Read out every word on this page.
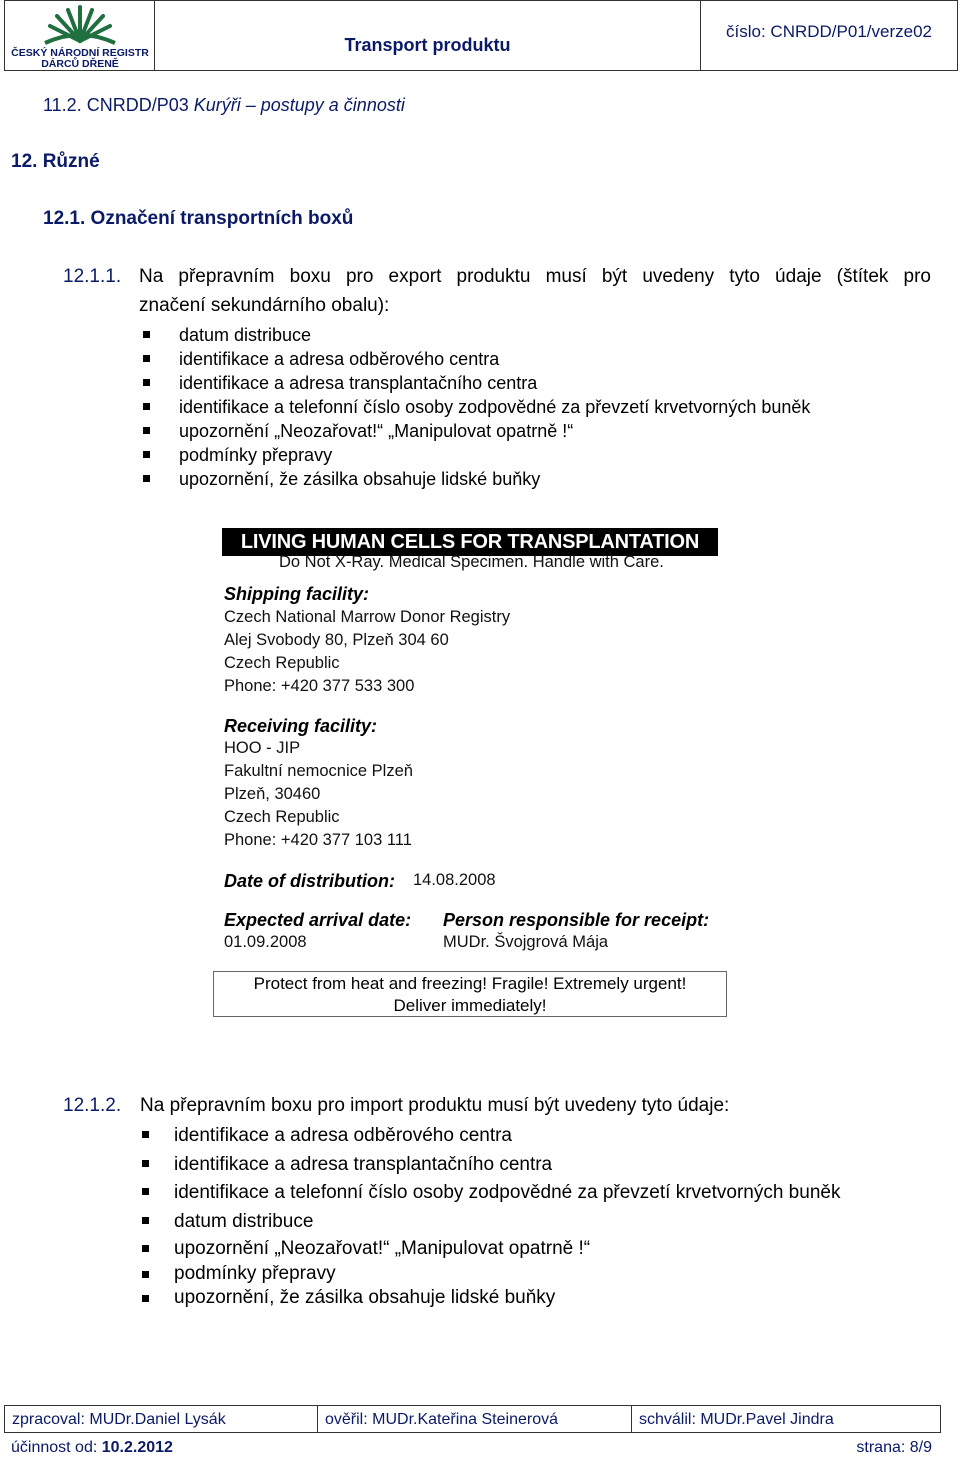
ČESKÝ NÁRODNÍ REGISTR
DÁRCŮ DŘENĚ
Transport produktu
číslo: CNRDD/P01/verze02
11.2. CNRDD/P03 Kurýři – postupy a činnosti
12. Různé
12.1. Označení transportních boxů
12.1.1. Na přepravním boxu pro export produktu musí být uvedeny tyto údaje (štítek pro
značení sekundárního obalu):
datum distribuce
identifikace a adresa odběrového centra
identifikace a adresa transplantačního centra
identifikace a telefonní číslo osoby zodpovědné za převzetí krvetvorných buněk
upozornění „Neozařovat!“ „Manipulovat opatrně !“
podmínky přepravy
upozornění, že zásilka obsahuje lidské buňky
LIVING HUMAN CELLS FOR TRANSPLANTATION
Do Not X-Ray. Medical Specimen. Handle with Care.
Shipping facility:
Czech National Marrow Donor Registry
Alej Svobody 80, Plzeň 304 60
Czech Republic
Phone: +420 377 533 300
Receiving facility:
HOO - JIP
Fakultní nemocnice Plzeň
Plzeň, 30460
Czech Republic
Phone: +420 377 103 111
Date of distribution: 14.08.2008
Expected arrival date:
01.09.2008
Person responsible for receipt:
MUDr. Švojgrová Mája
Protect from heat and freezing! Fragile! Extremely urgent!
Deliver immediately!
12.1.2. Na přepravním boxu pro import produktu musí být uvedeny tyto údaje:
identifikace a adresa odběrového centra
identifikace a adresa transplantačního centra
identifikace a telefonní číslo osoby zodpovědné za převzetí krvetvorných buněk
datum distribuce
upozornění „Neozařovat!“ „Manipulovat opatrně !“
podmínky přepravy
upozornění, že zásilka obsahuje lidské buňky
zpracoval: MUDr.Daniel Lysák	ověřil: MUDr.Kateřina Steinerová	schválil: MUDr.Pavel Jindra
účinnost od: 10.2.2012	strana: 8/9
